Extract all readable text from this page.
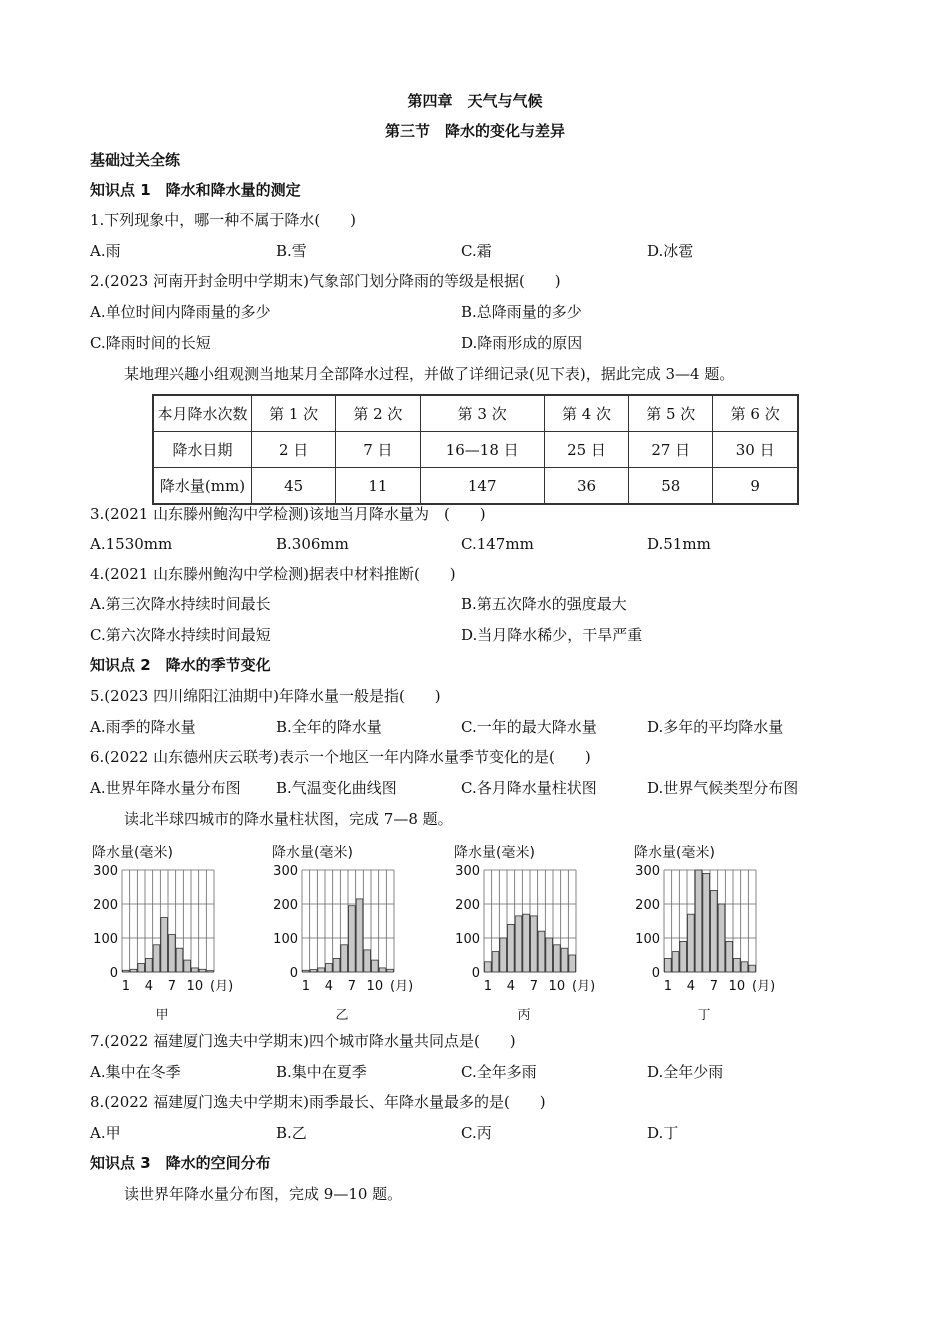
第四章　天气与气候
第三节　降水的变化与差异
基础过关全练
知识点 1　降水和降水量的测定
1.下列现象中，哪一种不属于降水(　　)
A.雨	B.雪	C.霜	D.冰雹
2.(2023 河南开封金明中学期末)气象部门划分降雨的等级是根据(　　)
A.单位时间内降雨量的多少	B.总降雨量的多少
C.降雨时间的长短	D.降雨形成的原因
某地理兴趣小组观测当地某月全部降水过程，并做了详细记录(见下表)，据此完成 3—4 题。
本月降水次数	第 1 次	第 2 次	第 3 次	第 4 次	第 5 次	第 6 次
降水日期	2 日	7 日	16—18 日	25 日	27 日	30 日
降水量(mm)	45	11	147	36	58	9
3.(2021 山东滕州鲍沟中学检测)该地当月降水量为　(　　)
A.1530mm	B.306mm	C.147mm	D.51mm
4.(2021 山东滕州鲍沟中学检测)据表中材料推断(　　)
A.第三次降水持续时间最长	B.第五次降水的强度最大
C.第六次降水持续时间最短	D.当月降水稀少，干旱严重
知识点 2　降水的季节变化
5.(2023 四川绵阳江油期中)年降水量一般是指(　　)
A.雨季的降水量	B.全年的降水量	C.一年的最大降水量	D.多年的平均降水量
6.(2022 山东德州庆云联考)表示一个地区一年内降水量季节变化的是(　　)
A.世界年降水量分布图 B.气温变化曲线图	C.各月降水量柱状图	D.世界气候类型分布图
读北半球四城市的降水量柱状图，完成 7—8 题。
降水量(毫米)
0
100
200
300
1 4 7 10 (月)
甲
降水量(毫米)
0
100
200
300
1 4 7 10 (月)
乙
降水量(毫米)
0
100
200
300
1 4 7 10 (月)
丙
降水量(毫米)
0
100
200
300
1 4 7 10 (月)
丁
7.(2022 福建厦门逸夫中学期末)四个城市降水量共同点是(　　)
A.集中在冬季	B.集中在夏季	C.全年多雨	D.全年少雨
8.(2022 福建厦门逸夫中学期末)雨季最长、年降水量最多的是(　　)
A.甲	B.乙	C.丙	D.丁
知识点 3　降水的空间分布
读世界年降水量分布图，完成 9—10 题。
